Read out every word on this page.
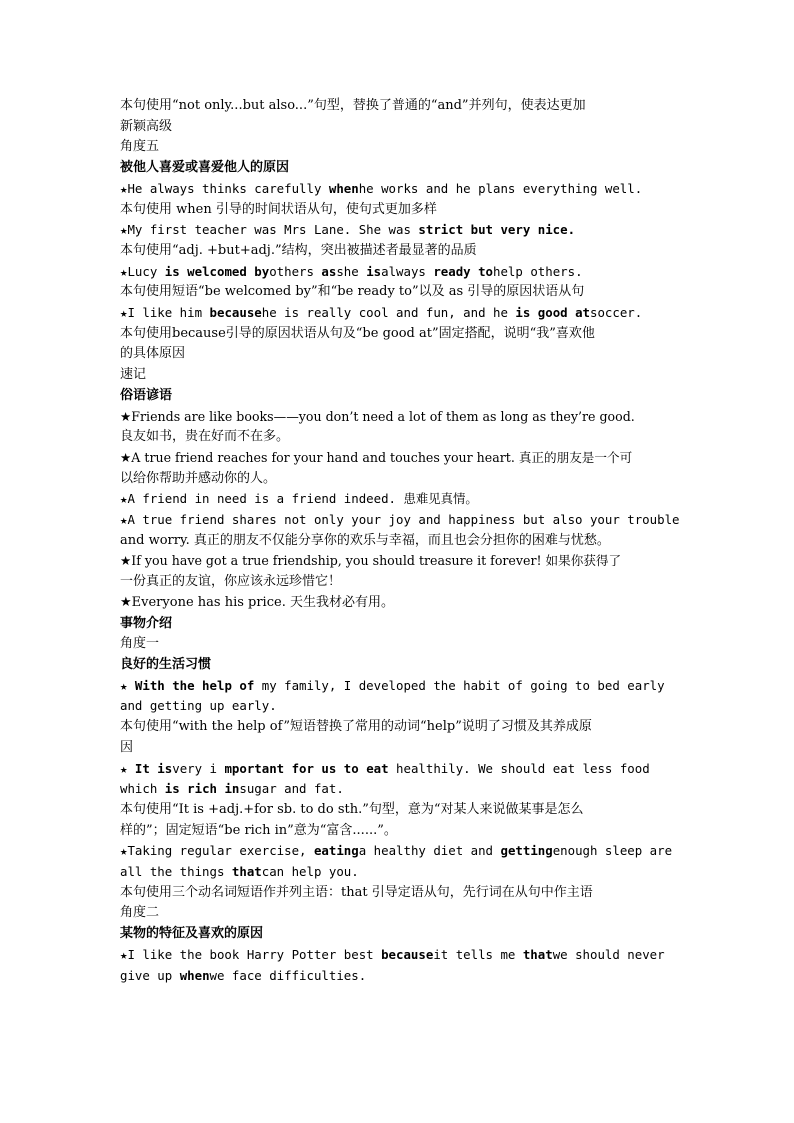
本句使用“not only...but also...”句型，替换了普通的“and”并列句，使表达更加
新颖高级
角度五
被他人喜爱或喜爱他人的原因
★He always thinks carefully whenhe works and he plans everything well.
本句使用 when 引导的时间状语从句，使句式更加多样
★My first teacher was Mrs Lane. She was strict but very nice.
本句使用“adj. +but+adj.”结构，突出被描述者最显著的品质
★Lucy is welcomed byothers asshe isalways ready tohelp others.
本句使用短语“be welcomed by”和“be ready to”以及 as 引导的原因状语从句
★I like him becausehe is really cool and fun, and he is good atsoccer.
本句使用because引导的原因状语从句及“be good at”固定搭配，说明“我”喜欢他
的具体原因
速记
俗语谚语
★Friends are like books——you don’t need a lot of them as long as they’re good.
良友如书，贵在好而不在多。
★A true friend reaches for your hand and touches your heart. 真正的朋友是一个可
以给你帮助并感动你的人。
★A friend in need is a friend indeed. 患难见真情。
★A true friend shares not only your joy and happiness but also your trouble
and worry. 真正的朋友不仅能分享你的欢乐与幸福，而且也会分担你的困难与忧愁。
★If you have got a true friendship, you should treasure it forever! 如果你获得了
一份真正的友谊，你应该永远珍惜它！
★Everyone has his price. 天生我材必有用。
事物介绍
角度一
良好的生活习惯
★ With the help of my family, I developed the habit of going to bed early
and getting up early.
本句使用“with the help of”短语替换了常用的动词“help”说明了习惯及其养成原
因
★ It isvery i mportant for us to eat healthily. We should eat less food
which is rich insugar and fat.
本句使用“It is +adj.+for sb. to do sth.”句型，意为“对某人来说做某事是怎么
样的”；固定短语“be rich in”意为“富含......”。
★Taking regular exercise, eatinga healthy diet and gettingenough sleep are
all the things thatcan help you.
本句使用三个动名词短语作并列主语：that 引导定语从句，先行词在从句中作主语
角度二
某物的特征及喜欢的原因
★I like the book Harry Potter best becauseit tells me thatwe should never
give up whenwe face difficulties.
